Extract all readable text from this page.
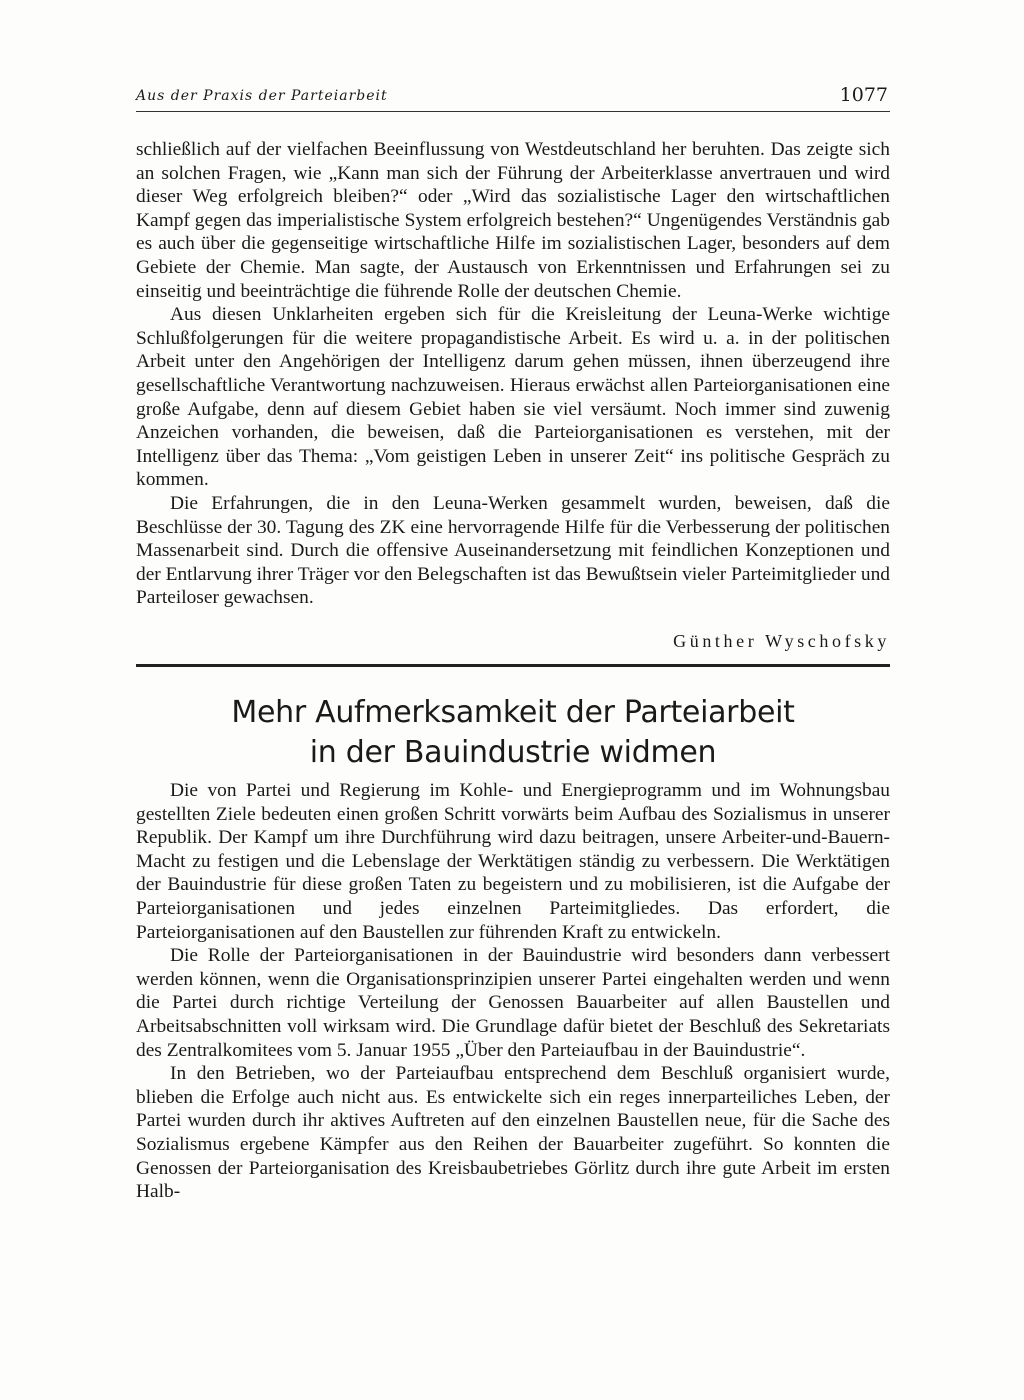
Aus der Praxis der Parteiarbeit	1077

schließlich auf der vielfachen Beeinflussung von Westdeutschland her beruhten. Das zeigte sich an solchen Fragen, wie „Kann man sich der Führung der Arbeiterklasse anvertrauen und wird dieser Weg erfolgreich bleiben?“ oder „Wird das sozialistische Lager den wirtschaftlichen Kampf gegen das imperialistische System erfolgreich bestehen?“ Ungenügendes Verständnis gab es auch über die gegenseitige wirtschaftliche Hilfe im sozialistischen Lager, besonders auf dem Gebiete der Chemie. Man sagte, der Austausch von Erkenntnissen und Erfahrungen sei zu einseitig und beeinträchtige die führende Rolle der deutschen Chemie.

Aus diesen Unklarheiten ergeben sich für die Kreisleitung der Leuna-Werke wichtige Schlußfolgerungen für die weitere propagandistische Arbeit. Es wird u. a. in der politischen Arbeit unter den Angehörigen der Intelligenz darum gehen müssen, ihnen überzeugend ihre gesellschaftliche Verantwortung nachzuweisen. Hieraus erwächst allen Parteiorganisationen eine große Aufgabe, denn auf diesem Gebiet haben sie viel versäumt. Noch immer sind zuwenig Anzeichen vorhanden, die beweisen, daß die Parteiorganisationen es verstehen, mit der Intelligenz über das Thema: „Vom geistigen Leben in unserer Zeit“ ins politische Gespräch zu kommen.

Die Erfahrungen, die in den Leuna-Werken gesammelt wurden, beweisen, daß die Beschlüsse der 30. Tagung des ZK eine hervorragende Hilfe für die Verbesserung der politischen Massenarbeit sind. Durch die offensive Auseinandersetzung mit feindlichen Konzeptionen und der Entlarvung ihrer Träger vor den Belegschaften ist das Bewußtsein vieler Parteimitglieder und Parteiloser gewachsen.

Günther Wyschofsky
Mehr Aufmerksamkeit der Parteiarbeit
in der Bauindustrie widmen

Die von Partei und Regierung im Kohle- und Energieprogramm und im Wohnungsbau gestellten Ziele bedeuten einen großen Schritt vorwärts beim Aufbau des Sozialismus in unserer Republik. Der Kampf um ihre Durchführung wird dazu beitragen, unsere Arbeiter-und-Bauern-Macht zu festigen und die Lebenslage der Werktätigen ständig zu verbessern. Die Werktätigen der Bauindustrie für diese großen Taten zu begeistern und zu mobilisieren, ist die Aufgabe der Parteiorganisationen und jedes einzelnen Parteimitgliedes. Das erfordert, die Parteiorganisationen auf den Baustellen zur führenden Kraft zu entwickeln.

Die Rolle der Parteiorganisationen in der Bauindustrie wird besonders dann verbessert werden können, wenn die Organisationsprinzipien unserer Partei eingehalten werden und wenn die Partei durch richtige Verteilung der Genossen Bauarbeiter auf allen Baustellen und Arbeitsabschnitten voll wirksam wird. Die Grundlage dafür bietet der Beschluß des Sekretariats des Zentralkomitees vom 5. Januar 1955 „Über den Parteiaufbau in der Bauindustrie“.

In den Betrieben, wo der Parteiaufbau entsprechend dem Beschluß organisiert wurde, blieben die Erfolge auch nicht aus. Es entwickelte sich ein reges innerparteiliches Leben, der Partei wurden durch ihr aktives Auftreten auf den einzelnen Baustellen neue, für die Sache des Sozialismus ergebene Kämpfer aus den Reihen der Bauarbeiter zugeführt. So konnten die Genossen der Parteiorganisation des Kreisbaubetriebes Görlitz durch ihre gute Arbeit im ersten Halb-
